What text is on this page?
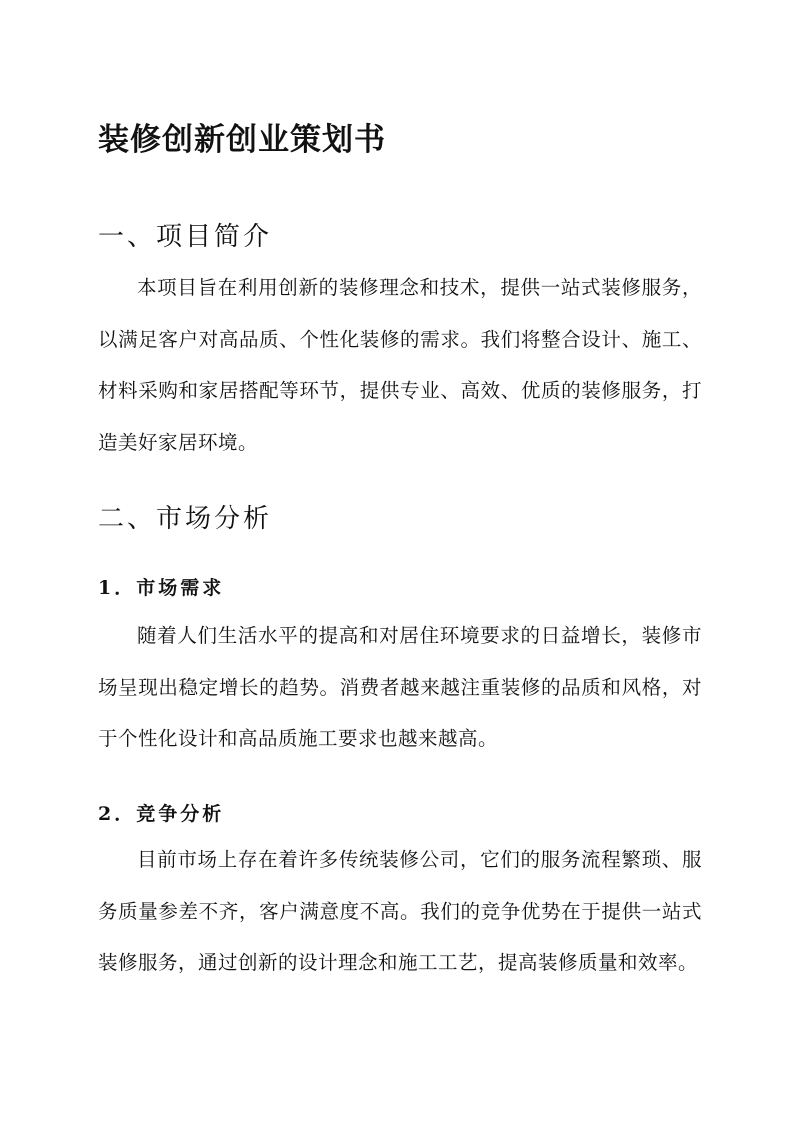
装修创新创业策划书
一、项目简介

本项目旨在利用创新的装修理念和技术，提供一站式装修服务，以满足客户对高品质、个性化装修的需求。我们将整合设计、施工、材料采购和家居搭配等环节，提供专业、高效、优质的装修服务，打造美好家居环境。

二、市场分析
1．市场需求

随着人们生活水平的提高和对居住环境要求的日益增长，装修市场呈现出稳定增长的趋势。消费者越来越注重装修的品质和风格，对于个性化设计和高品质施工要求也越来越高。

2．竞争分析

目前市场上存在着许多传统装修公司，它们的服务流程繁琐、服务质量参差不齐，客户满意度不高。我们的竞争优势在于提供一站式装修服务，通过创新的设计理念和施工工艺，提高装修质量和效率。
